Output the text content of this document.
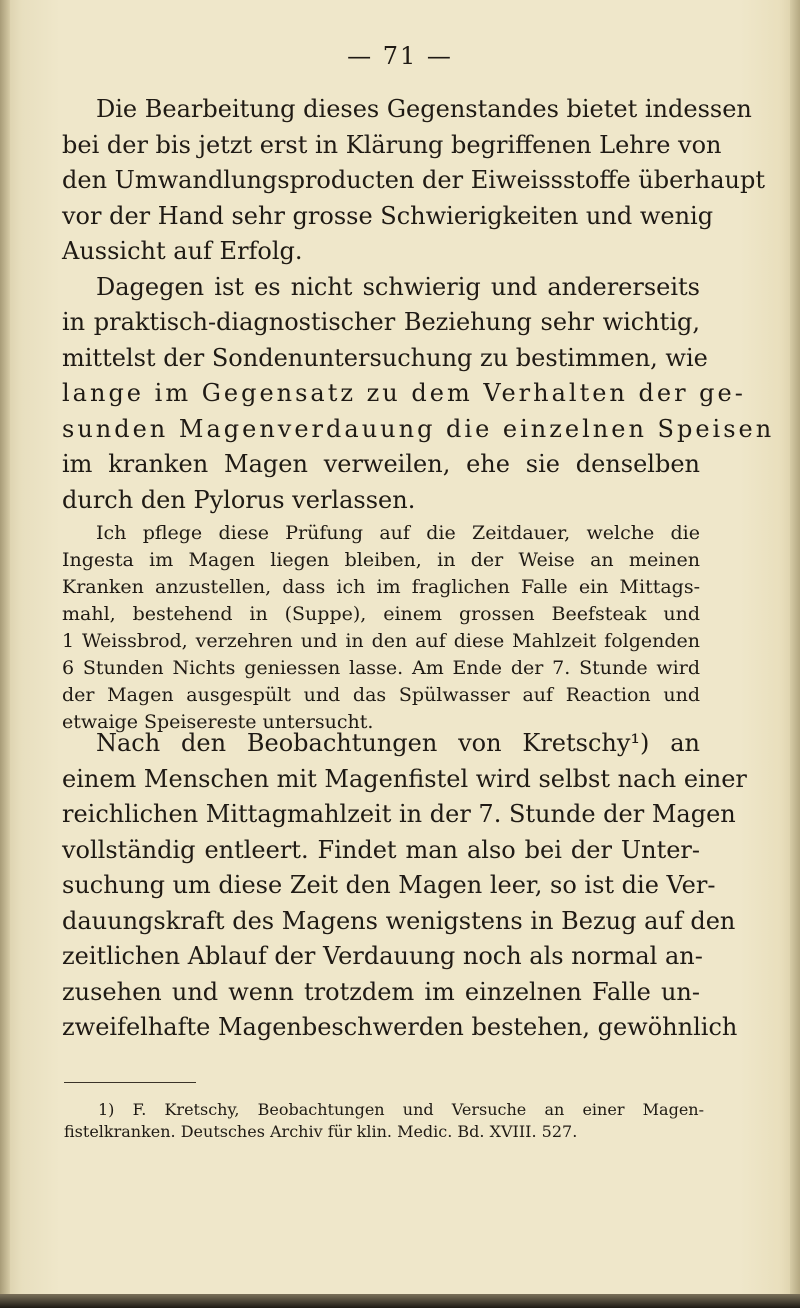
— 71 —
Die Bearbeitung dieses Gegenstandes bietet indessen
bei der bis jetzt erst in Klärung begriffenen Lehre von
den Umwandlungsproducten der Eiweissstoffe überhaupt
vor der Hand sehr grosse Schwierigkeiten und wenig
Aussicht auf Erfolg.
Dagegen ist es nicht schwierig und andererseits
in praktisch-diagnostischer Beziehung sehr wichtig,
mittelst der Sondenuntersuchung zu bestimmen, wie
lange im Gegensatz zu dem Verhalten der ge-
sunden Magenverdauung die einzelnen Speisen
im kranken Magen verweilen, ehe sie denselben
durch den Pylorus verlassen.
Ich pflege diese Prüfung auf die Zeitdauer, welche die
Ingesta im Magen liegen bleiben, in der Weise an meinen
Kranken anzustellen, dass ich im fraglichen Falle ein Mittags-
mahl, bestehend in (Suppe), einem grossen Beefsteak und
1 Weissbrod, verzehren und in den auf diese Mahlzeit folgenden
6 Stunden Nichts geniessen lasse. Am Ende der 7. Stunde wird
der Magen ausgespült und das Spülwasser auf Reaction und
etwaige Speisereste untersucht.
Nach den Beobachtungen von Kretschy¹) an
einem Menschen mit Magenfistel wird selbst nach einer
reichlichen Mittagmahlzeit in der 7. Stunde der Magen
vollständig entleert. Findet man also bei der Unter-
suchung um diese Zeit den Magen leer, so ist die Ver-
dauungskraft des Magens wenigstens in Bezug auf den
zeitlichen Ablauf der Verdauung noch als normal an-
zusehen und wenn trotzdem im einzelnen Falle un-
zweifelhafte Magenbeschwerden bestehen, gewöhnlich
1) F. Kretschy, Beobachtungen und Versuche an einer Magen-
fistelkranken. Deutsches Archiv für klin. Medic. Bd. XVIII. 527.
